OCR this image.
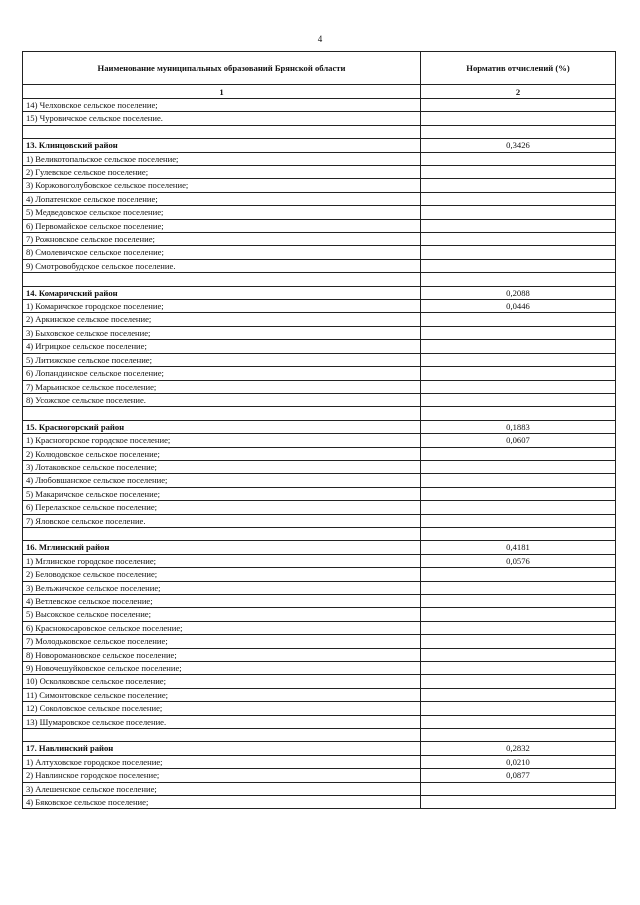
4
Наименование муниципальных образований Брянской области	Норматив отчислений (%)
1	2
14) Челховское сельское поселение;	
15) Чуровичское сельское поселение.	

13. Клинцовский район	0,3426
1) Великотопальское сельское поселение;	
2) Гулевское сельское поселение;	
3) Коржовоголубовское сельское поселение;	
4) Лопатенское сельское поселение;	
5) Медведовское сельское поселение;	
6) Первомайское сельское поселение;	
7) Рожновское сельское поселение;	
8) Смолевичское сельское поселение;	
9) Смотровобудское сельское поселение.	

14. Комаричский район	0,2088
1) Комаричское городское поселение;	0,0446
2) Аркинское сельское поселение;	
3) Быховское сельское поселение;	
4) Игрицкое сельское поселение;	
5) Литижское сельское поселение;	
6) Лопандинское сельское поселение;	
7) Марьинское сельское поселение;	
8) Усожское сельское поселение.	

15. Красногорский район	0,1883
1) Красногорское городское поселение;	0,0607
2) Колюдовское сельское поселение;	
3) Лотаковское сельское поселение;	
4) Любовшанское сельское поселение;	
5) Макаричское сельское поселение;	
6) Перелазское сельское поселение;	
7) Яловское сельское поселение.	

16. Мглинский район	0,4181
1) Мглинское городское поселение;	0,0576
2) Беловодское сельское поселение;	
3) Велъжичское сельское поселение;	
4) Ветлевское сельское поселение;	
5) Высокское сельское поселение;	
6) Краснокосаровское сельское поселение;	
7) Молодьковское сельское поселение;	
8) Новоромановское сельское поселение;	
9) Новочешуйковское сельское поселение;	
10) Осколковское сельское поселение;	
11) Симонтовское сельское поселение;	
12) Соколовское сельское поселение;	
13) Шумаровское сельское поселение.	

17. Навлинский район	0,2832
1) Алтуховское городское поселение;	0,0210
2) Навлинское городское поселение;	0,0877
3) Алешенское сельское поселение;	
4) Бяковское сельское поселение;	
